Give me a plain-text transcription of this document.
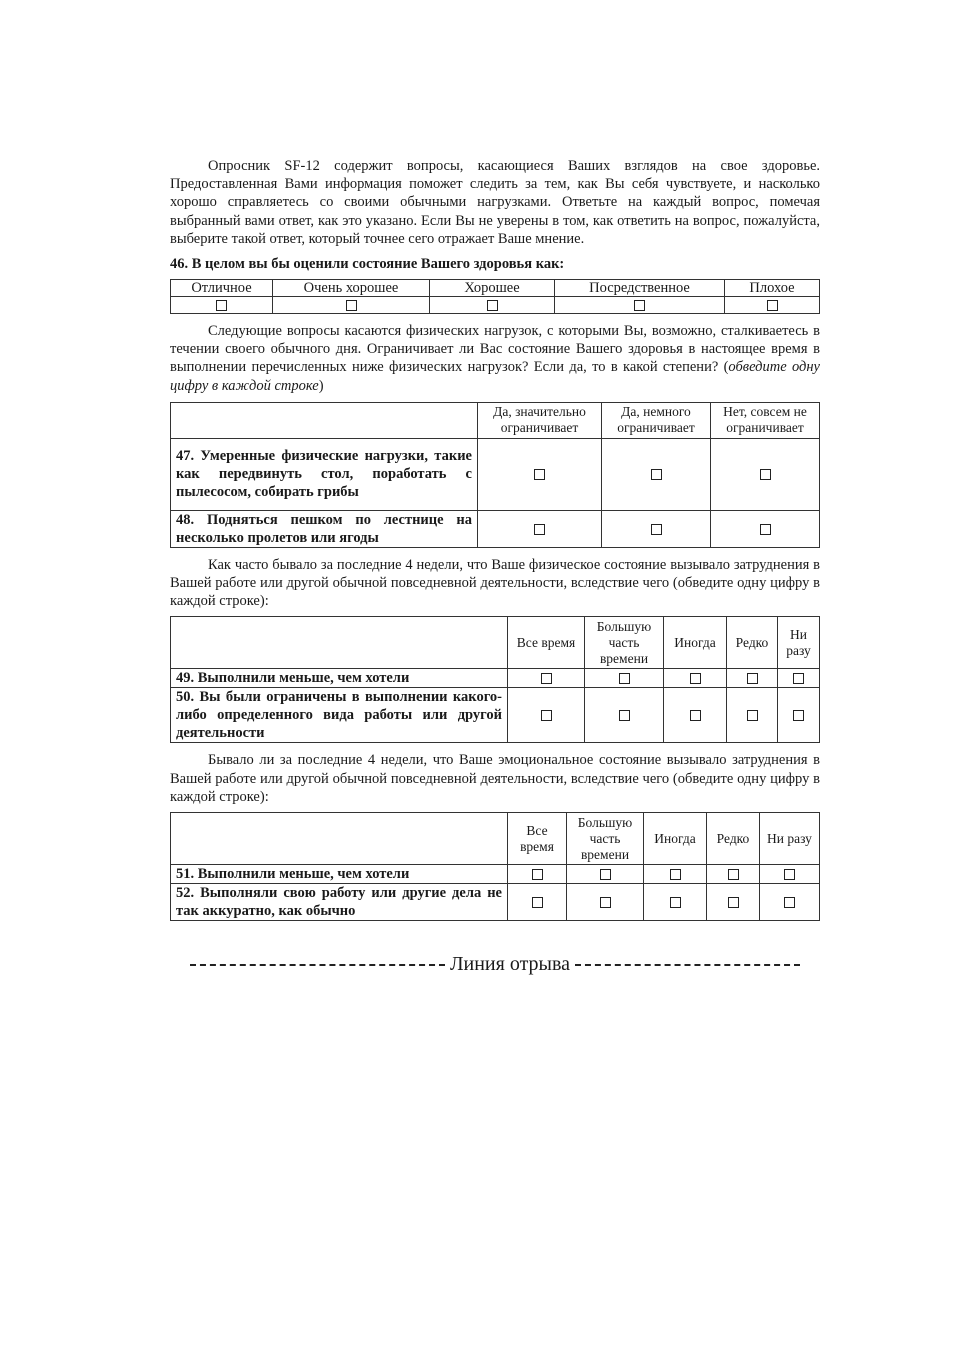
Опросник SF-12 содержит вопросы, касающиеся Ваших взглядов на свое здоровье. Предоставленная Вами информация поможет следить за тем, как Вы себя чувствуете, и насколько хорошо справляетесь со своими обычными нагрузками. Ответьте на каждый вопрос, помечая выбранный вами ответ, как это указано. Если Вы не уверены в том, как ответить на вопрос, пожалуйста, выберите такой ответ, который точнее сего отражает Ваше мнение.

46. В целом вы бы оценили состояние Вашего здоровья как:
Отличное	Очень хорошее	Хорошее	Посредственное	Плохое

Следующие вопросы касаются физических нагрузок, с которыми Вы, возможно, сталкиваетесь в течении своего обычного дня. Ограничивает ли Вас состояние Вашего здоровья в настоящее время в выполнении перечисленных ниже физических нагрузок? Если да, то в какой степени? (обведите одну цифру в каждой строке)

	Да, значительно ограничивает	Да, немного ограничивает	Нет, совсем не ограничивает
47. Умеренные физические нагрузки, такие как передвинуть стол, поработать с пылесосом, собирать грибы			
48. Подняться пешком по лестнице на несколько пролетов или ягоды			

Как часто бывало за последние 4 недели, что Ваше физическое состояние вызывало затруднения в Вашей работе или другой обычной повседневной деятельности, вследствие чего (обведите одну цифру в каждой строке):

	Все время	Большую часть времени	Иногда	Редко	Ни разу
49. Выполнили меньше, чем хотели					
50. Вы были ограничены в выполнении какого-либо определенного вида работы или другой деятельности					

Бывало ли за последние 4 недели, что Ваше эмоциональное состояние вызывало затруднения в Вашей работе или другой обычной повседневной деятельности, вследствие чего (обведите одну цифру в каждой строке):

	Все время	Большую часть времени	Иногда	Редко	Ни разу
51. Выполнили меньше, чем хотели					
52. Выполняли свою работу или другие дела не так аккуратно, как обычно					
Линия отрыва
